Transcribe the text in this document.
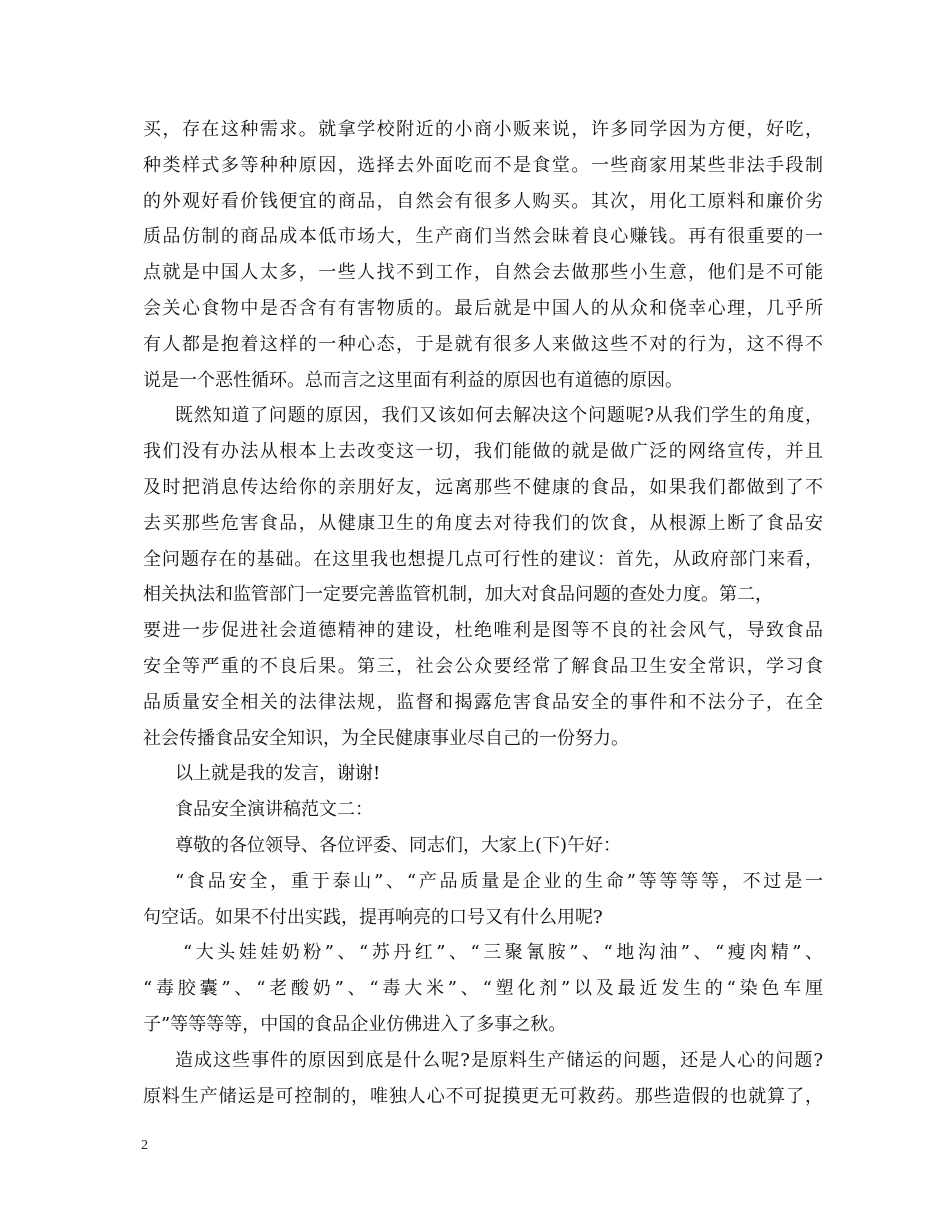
买，存在这种需求。就拿学校附近的小商小贩来说，许多同学因为方便，好吃，
种类样式多等种种原因，选择去外面吃而不是食堂。一些商家用某些非法手段制
的外观好看价钱便宜的商品，自然会有很多人购买。其次，用化工原料和廉价劣
质品仿制的商品成本低市场大，生产商们当然会昧着良心赚钱。再有很重要的一
点就是中国人太多，一些人找不到工作，自然会去做那些小生意，他们是不可能
会关心食物中是否含有有害物质的。最后就是中国人的从众和侥幸心理，几乎所
有人都是抱着这样的一种心态，于是就有很多人来做这些不对的行为，这不得不
说是一个恶性循环。总而言之这里面有利益的原因也有道德的原因。
既然知道了问题的原因，我们又该如何去解决这个问题呢?从我们学生的角度，
我们没有办法从根本上去改变这一切，我们能做的就是做广泛的网络宣传，并且
及时把消息传达给你的亲朋好友，远离那些不健康的食品，如果我们都做到了不
去买那些危害食品，从健康卫生的角度去对待我们的饮食，从根源上断了食品安
全问题存在的基础。在这里我也想提几点可行性的建议：首先，从政府部门来看，
相关执法和监管部门一定要完善监管机制，加大对食品问题的查处力度。第二，
要进一步促进社会道德精神的建设，杜绝唯利是图等不良的社会风气，导致食品
安全等严重的不良后果。第三，社会公众要经常了解食品卫生安全常识，学习食
品质量安全相关的法律法规，监督和揭露危害食品安全的事件和不法分子，在全
社会传播食品安全知识，为全民健康事业尽自己的一份努力。
以上就是我的发言，谢谢!
食品安全演讲稿范文二：
尊敬的各位领导、各位评委、同志们，大家上(下)午好：
“食品安全，重于泰山”、“产品质量是企业的生命”等等等等，不过是一
句空话。如果不付出实践，提再响亮的口号又有什么用呢?
“大头娃娃奶粉”、“苏丹红”、“三聚氰胺”、“地沟油”、“瘦肉精”、
“毒胶囊”、“老酸奶”、“毒大米”、“塑化剂”以及最近发生的“染色车厘
子”等等等等，中国的食品企业仿佛进入了多事之秋。
造成这些事件的原因到底是什么呢?是原料生产储运的问题，还是人心的问题?
原料生产储运是可控制的，唯独人心不可捉摸更无可救药。那些造假的也就算了，
2
